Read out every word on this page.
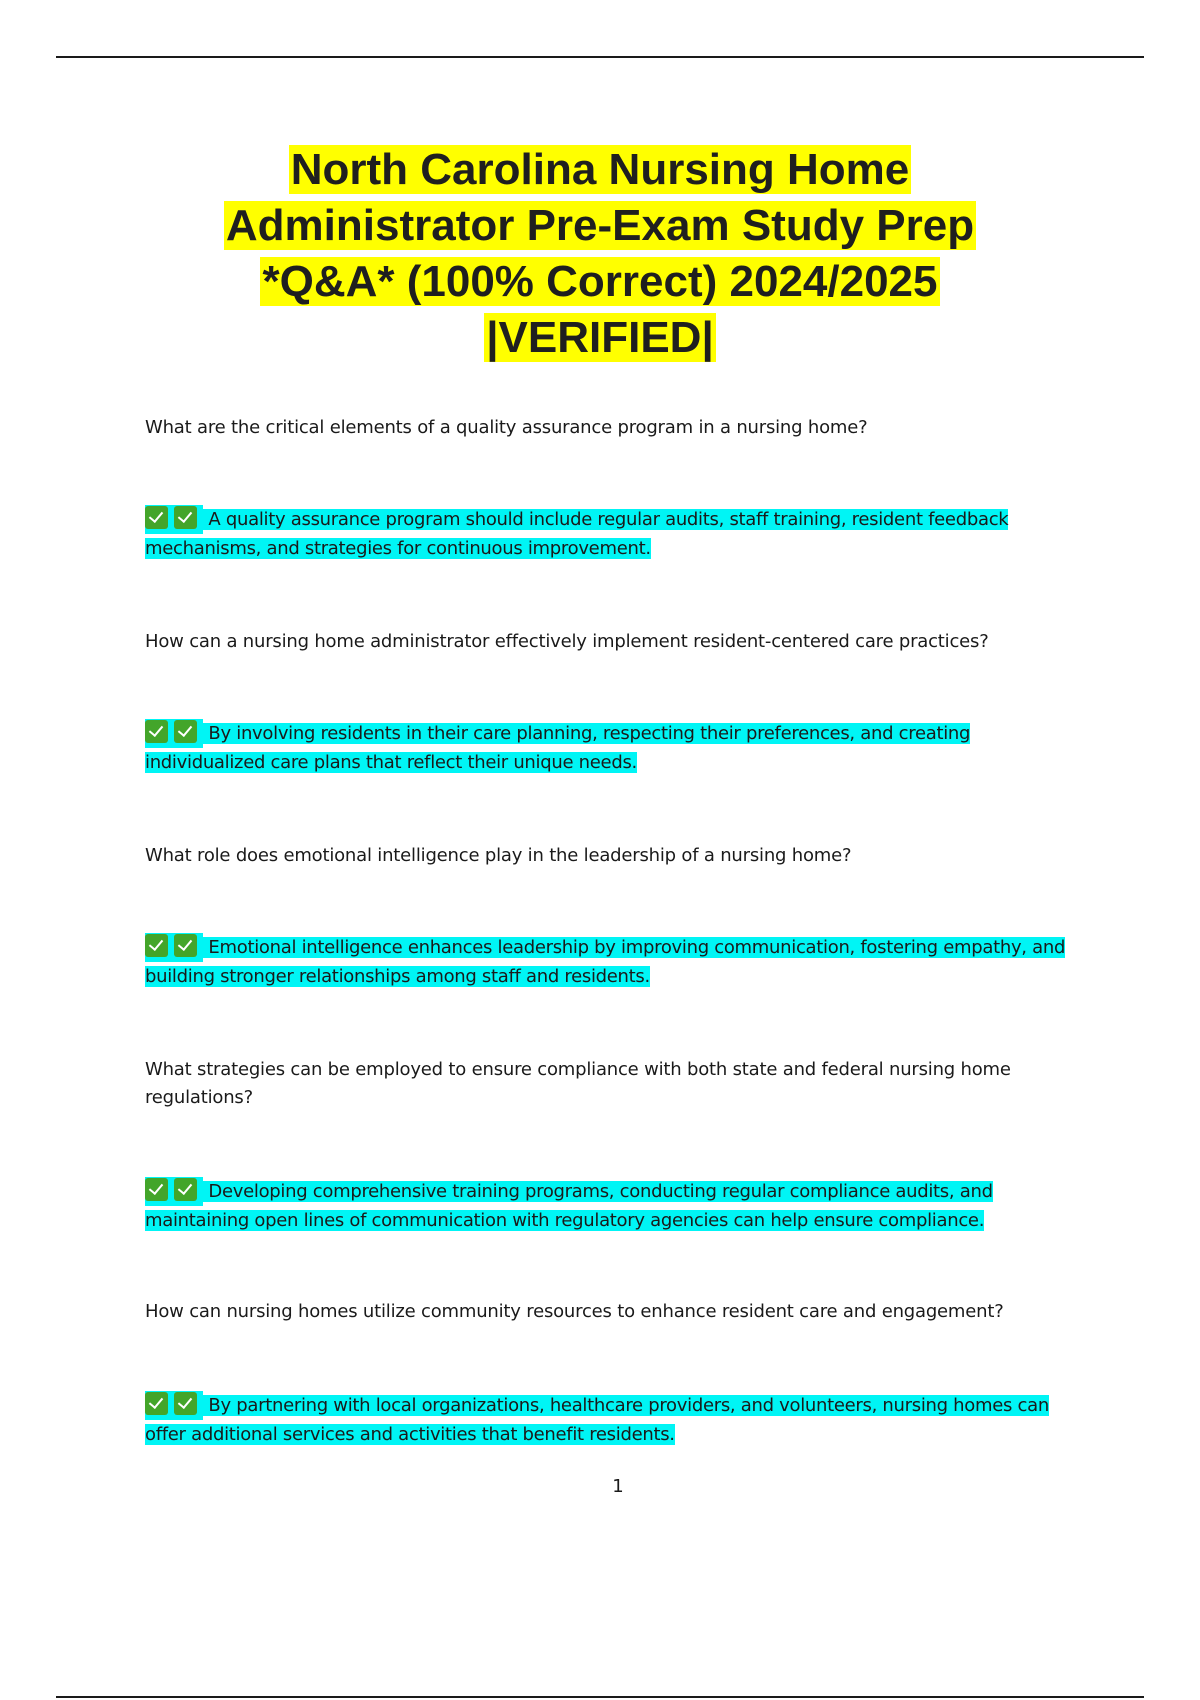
North Carolina Nursing Home
Administrator Pre-Exam Study Prep
*Q&A* (100% Correct) 2024/2025
|VERIFIED|
What are the critical elements of a quality assurance program in a nursing home?
A quality assurance program should include regular audits, staff training, resident feedback
mechanisms, and strategies for continuous improvement.
How can a nursing home administrator effectively implement resident-centered care practices?
By involving residents in their care planning, respecting their preferences, and creating
individualized care plans that reflect their unique needs.
What role does emotional intelligence play in the leadership of a nursing home?
Emotional intelligence enhances leadership by improving communication, fostering empathy, and
building stronger relationships among staff and residents.
What strategies can be employed to ensure compliance with both state and federal nursing home
regulations?
Developing comprehensive training programs, conducting regular compliance audits, and
maintaining open lines of communication with regulatory agencies can help ensure compliance.
How can nursing homes utilize community resources to enhance resident care and engagement?
By partnering with local organizations, healthcare providers, and volunteers, nursing homes can
offer additional services and activities that benefit residents.
1
